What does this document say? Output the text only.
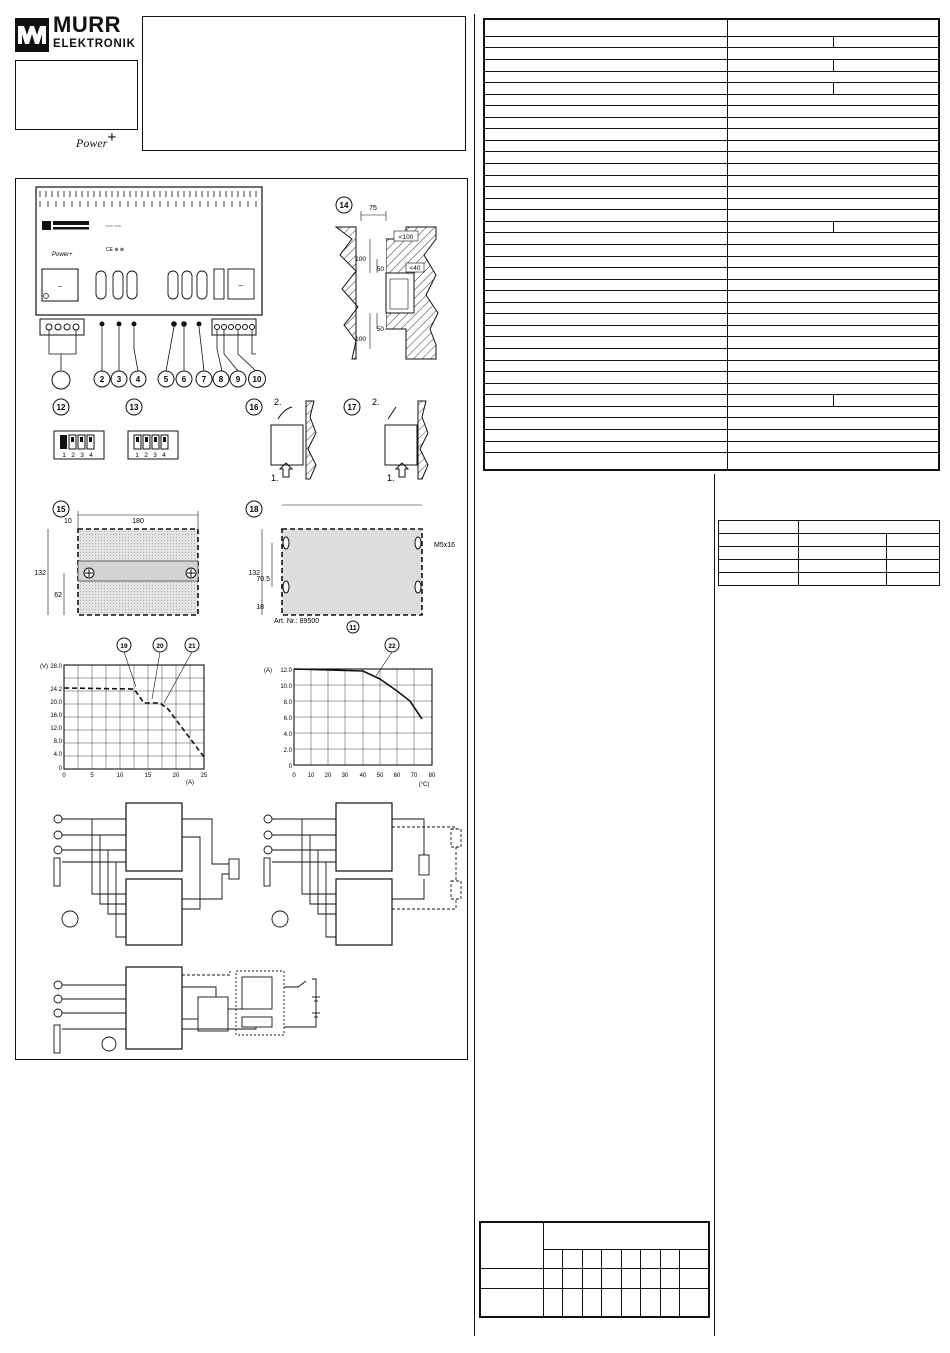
MURR
ELEKTRONIK
Power+

Power+
=== ===
CE ⊕ ⊗
~	–
2 3 4	5 6 7 8 9 10
14	75
<100
<40
100
50
100
50
12
1 2 3 4
13
1 2 3 4
16
2.
1.
17
2.
1.
15
180
10
132
62
18
132
70.5
18
M5x16
Art. Nr.: 89500
11
28.0
24.2
20.0
16.0
12.0
8.0
4.0
0
(V)
0	5	10	15	20	25
(A)
19	20	21
12.0
10.0
8.0
6.0
4.0
2.0
0
(A)
0 10 20 30 40 50 60 70 80
(°C)
22
